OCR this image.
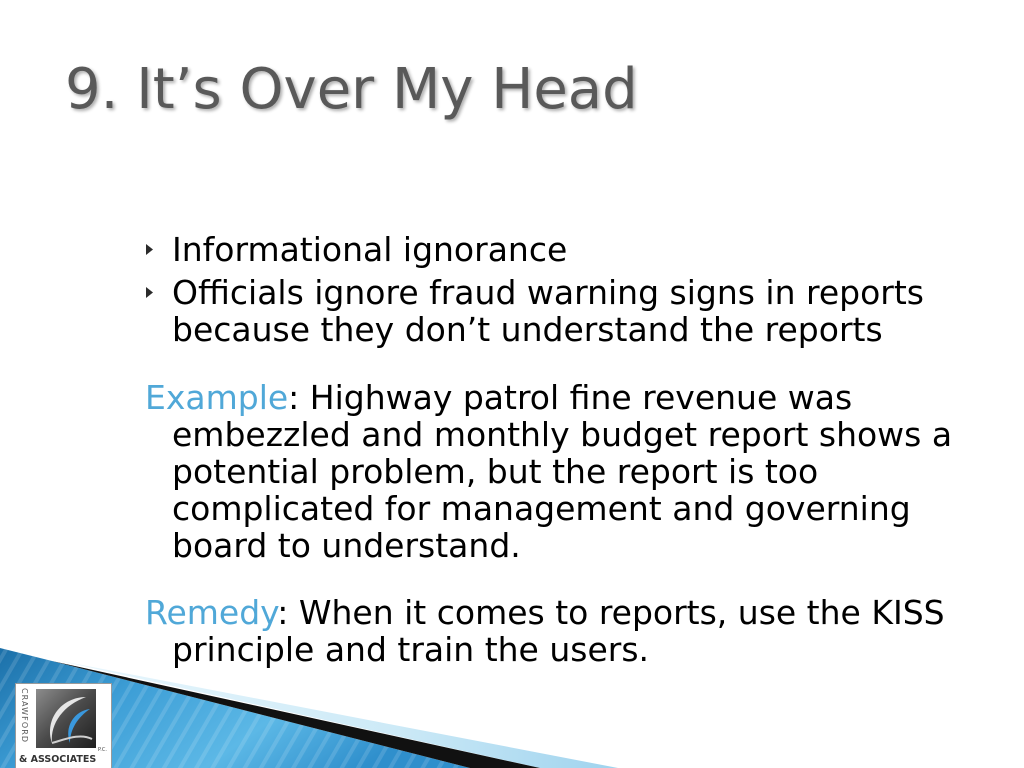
9. It’s Over My Head
Informational ignorance
Officials ignore fraud warning signs in reports
because they don’t understand the reports
Example: Highway patrol fine revenue was
embezzled and monthly budget report shows a
potential problem, but the report is too
complicated for management and governing
board to understand.
Remedy: When it comes to reports, use the KISS
principle and train the users.
CRAWFORD
P.C.
& ASSOCIATES
